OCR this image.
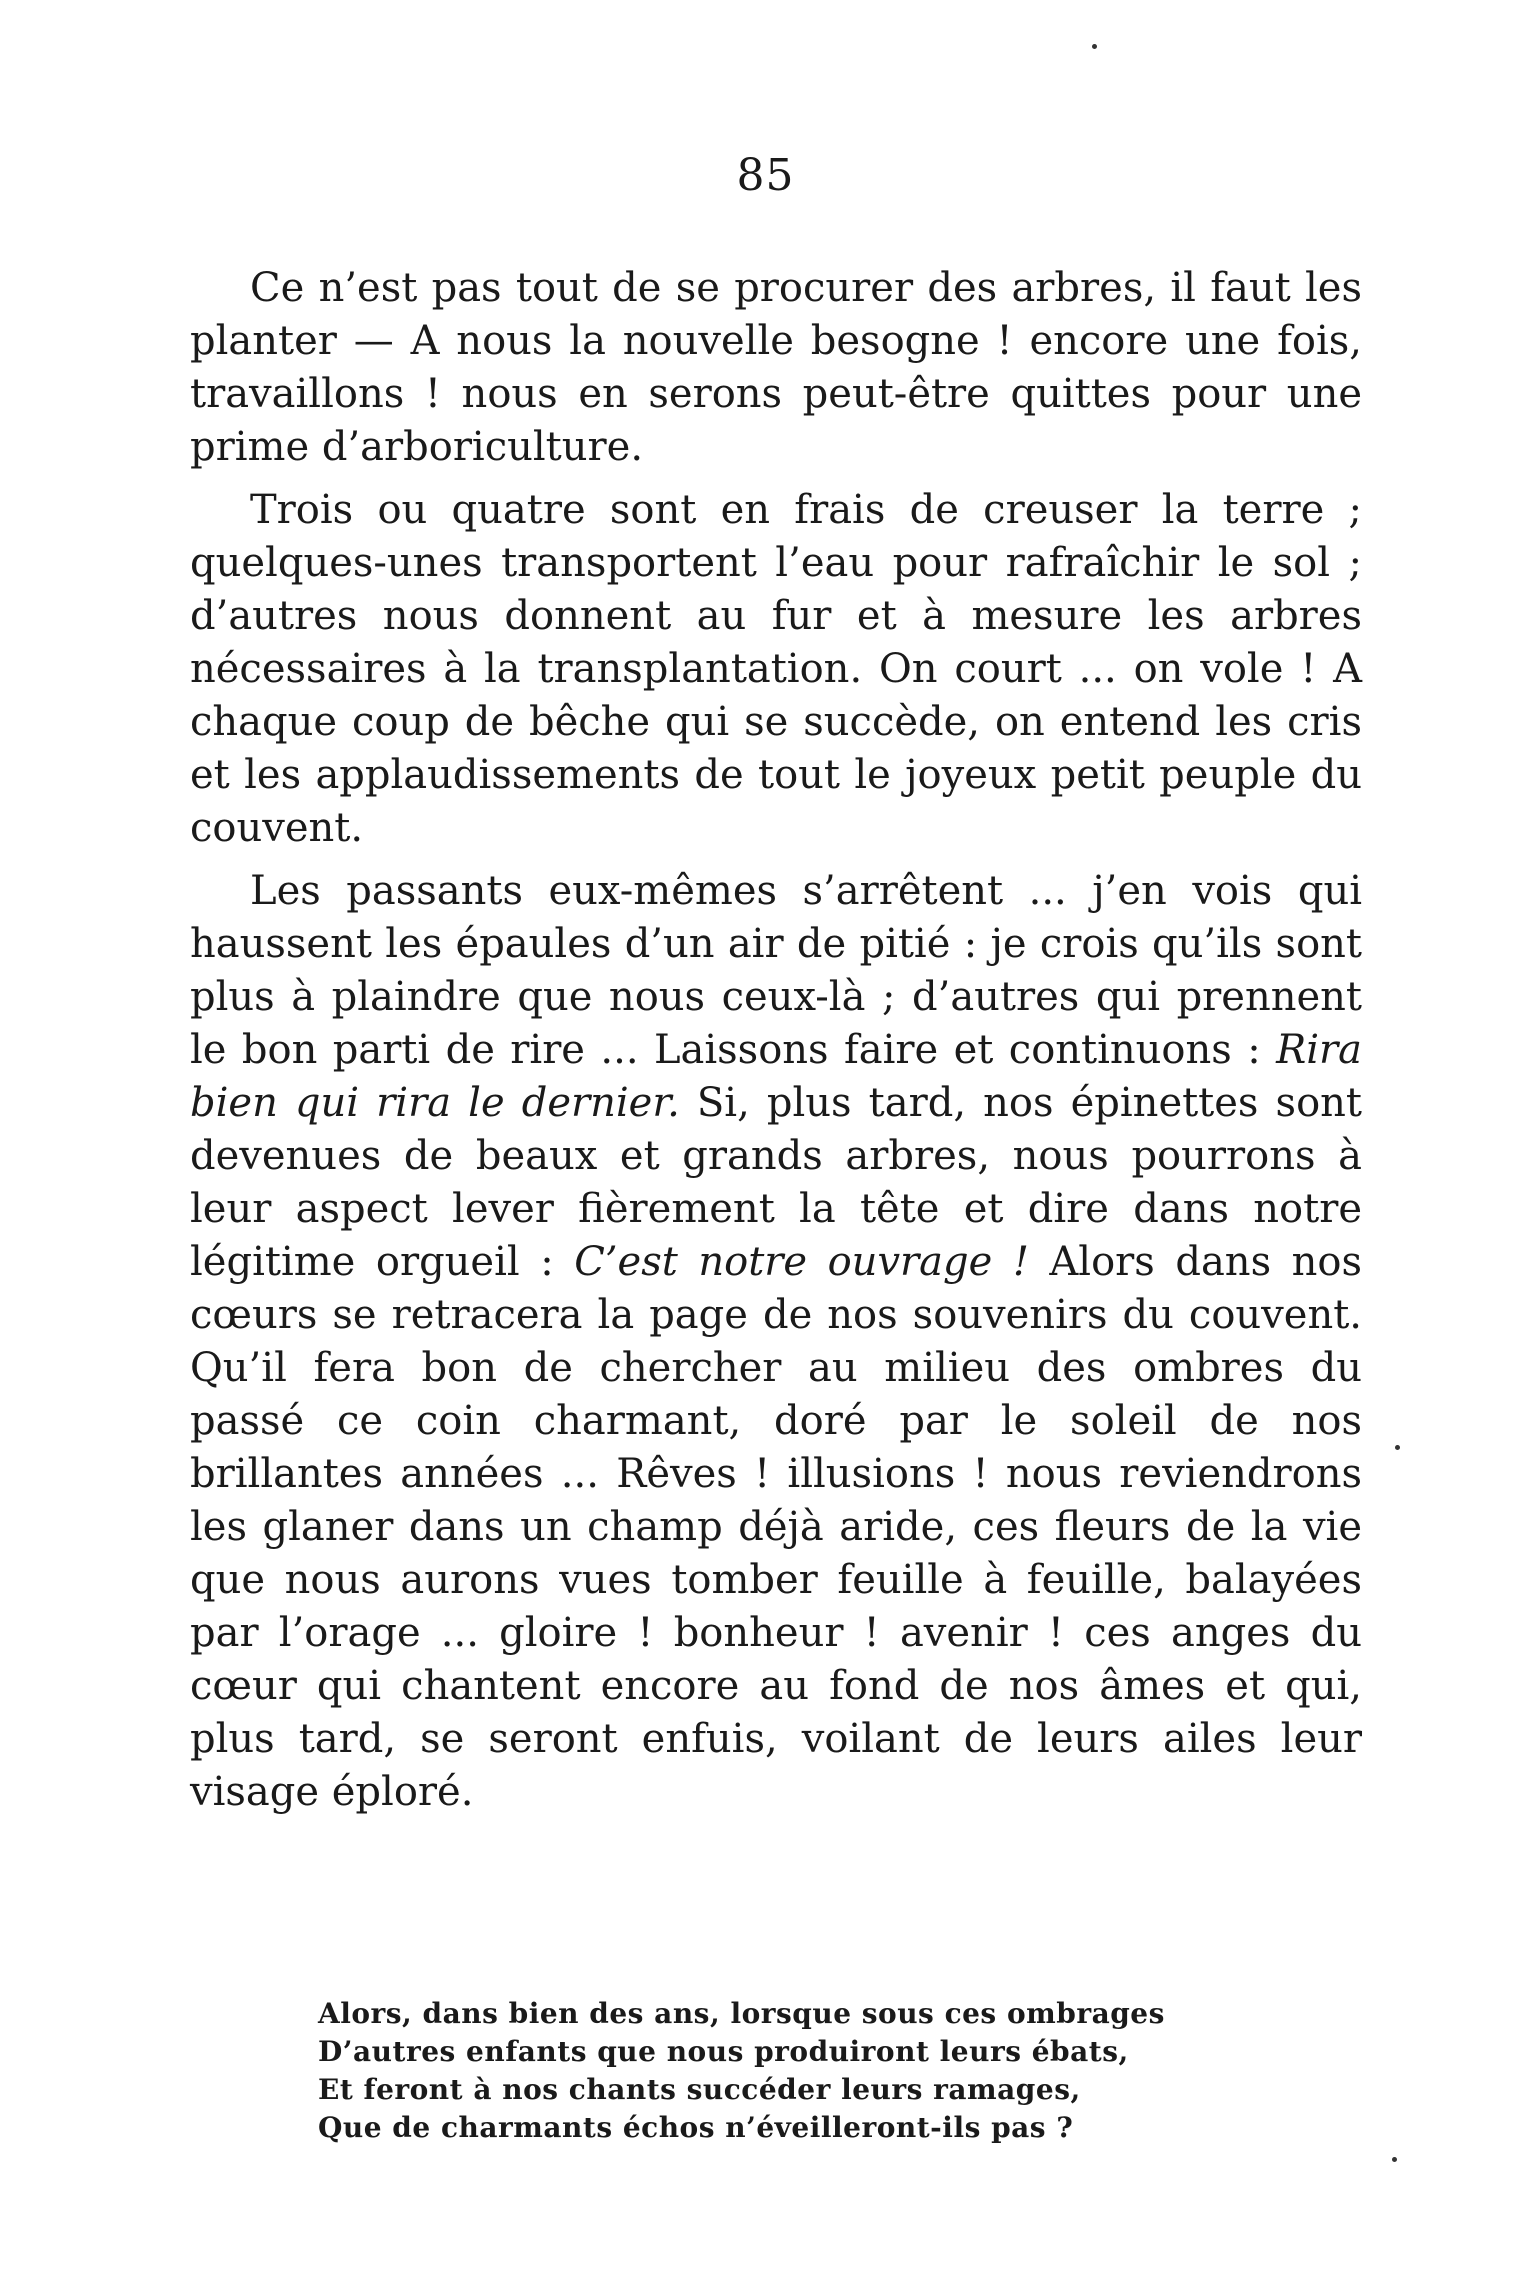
85

Ce n’est pas tout de se procurer des arbres, il faut les planter — A nous la nouvelle besogne ! encore une fois, travaillons ! nous en serons peut-être quittes pour une prime d’arboriculture.

Trois ou quatre sont en frais de creuser la terre ; quelques-unes transportent l’eau pour rafraîchir le sol ; d’autres nous donnent au fur et à mesure les arbres nécessaires à la transplantation. On court ... on vole ! A chaque coup de bêche qui se succède, on entend les cris et les applaudissements de tout le joyeux petit peuple du couvent.

Les passants eux-mêmes s’arrêtent ... j’en vois qui haussent les épaules d’un air de pitié : je crois qu’ils sont plus à plaindre que nous ceux-là ; d’autres qui prennent le bon parti de rire ... Laissons faire et continuons : Rira bien qui rira le dernier. Si, plus tard, nos épinettes sont devenues de beaux et grands arbres, nous pourrons à leur aspect lever fièrement la tête et dire dans notre légitime orgueil : C’est notre ouvrage ! Alors dans nos cœurs se retracera la page de nos souvenirs du couvent. Qu’il fera bon de chercher au milieu des ombres du passé ce coin charmant, doré par le soleil de nos brillantes années ... Rêves ! illusions ! nous reviendrons les glaner dans un champ déjà aride, ces fleurs de la vie que nous aurons vues tomber feuille à feuille, balayées par l’orage ... gloire ! bonheur ! avenir ! ces anges du cœur qui chantent encore au fond de nos âmes et qui, plus tard, se seront enfuis, voilant de leurs ailes leur visage éploré.

Alors, dans bien des ans, lorsque sous ces ombrages
D’autres enfants que nous produiront leurs ébats,
Et feront à nos chants succéder leurs ramages,
Que de charmants échos n’éveilleront-ils pas ?
